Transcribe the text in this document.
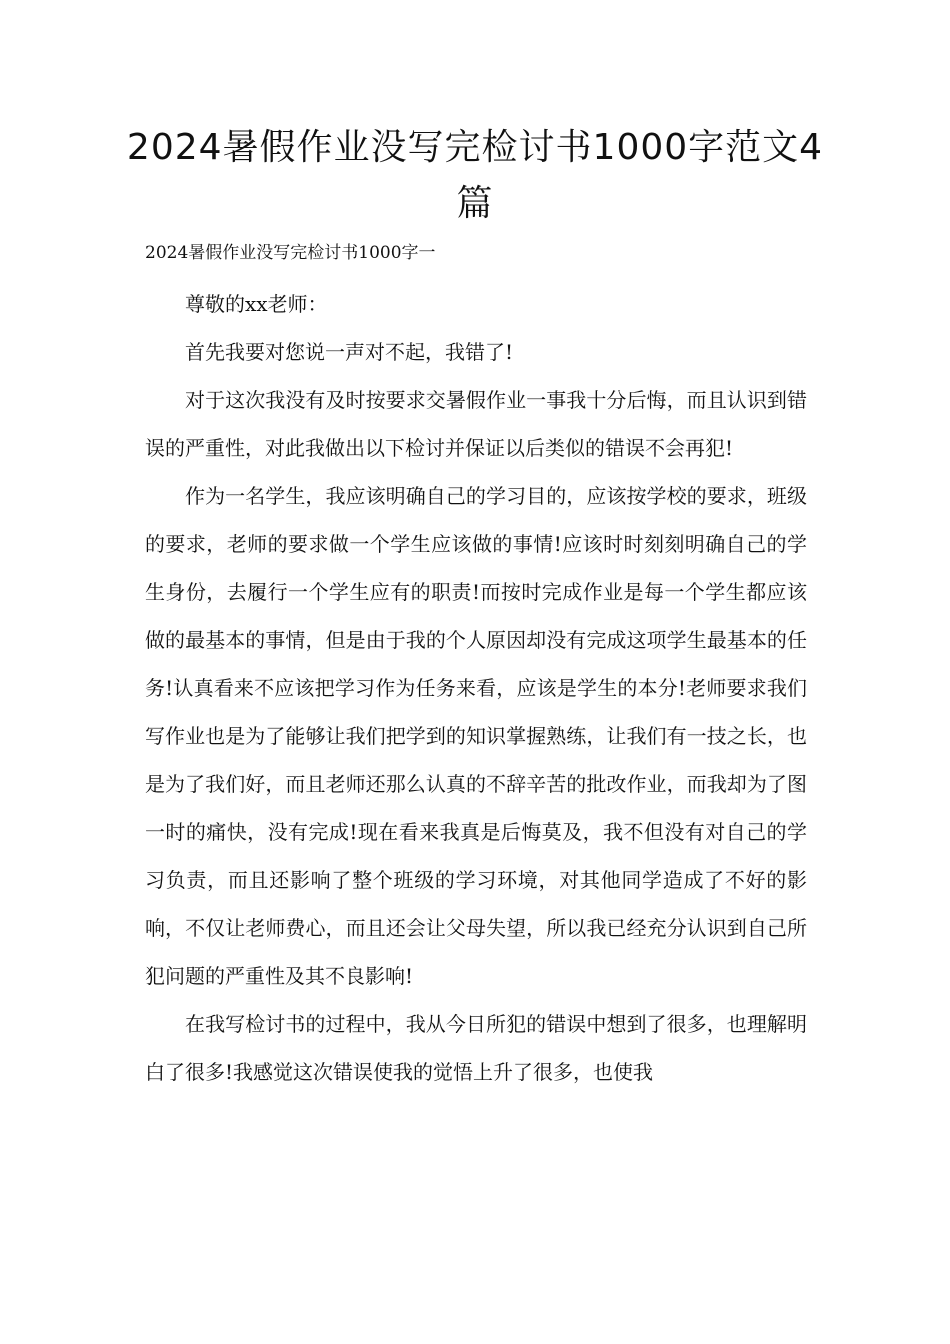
2024暑假作业没写完检讨书1000字范文4篇

2024暑假作业没写完检讨书1000字一

尊敬的xx老师：

首先我要对您说一声对不起，我错了!

对于这次我没有及时按要求交暑假作业一事我十分后悔，而且认识到错误的严重性，对此我做出以下检讨并保证以后类似的错误不会再犯!

作为一名学生，我应该明确自己的学习目的，应该按学校的要求，班级的要求，老师的要求做一个学生应该做的事情!应该时时刻刻明确自己的学生身份，去履行一个学生应有的职责!而按时完成作业是每一个学生都应该做的最基本的事情，但是由于我的个人原因却没有完成这项学生最基本的任务!认真看来不应该把学习作为任务来看，应该是学生的本分!老师要求我们写作业也是为了能够让我们把学到的知识掌握熟练，让我们有一技之长，也是为了我们好，而且老师还那么认真的不辞辛苦的批改作业，而我却为了图一时的痛快，没有完成!现在看来我真是后悔莫及，我不但没有对自己的学习负责，而且还影响了整个班级的学习环境，对其他同学造成了不好的影响，不仅让老师费心，而且还会让父母失望，所以我已经充分认识到自己所犯问题的严重性及其不良影响!

在我写检讨书的过程中，我从今日所犯的错误中想到了很多，也理解明白了很多!我感觉这次错误使我的觉悟上升了很多，也使我
